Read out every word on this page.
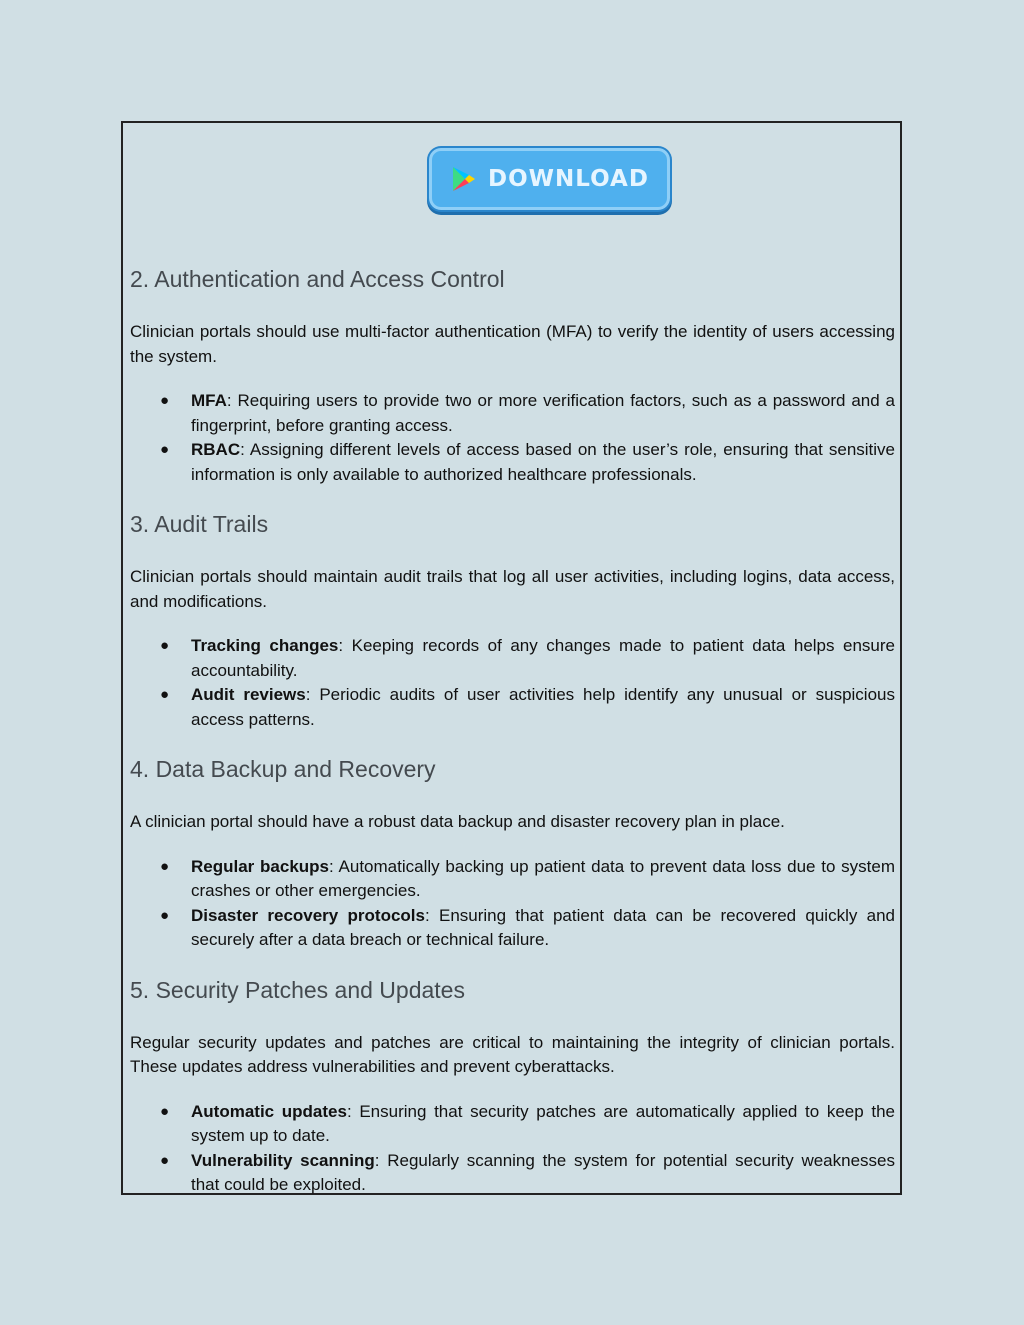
DOWNLOAD
2. Authentication and Access Control

Clinician portals should use multi-factor authentication (MFA) to verify the identity of users accessing the system.

● MFA: Requiring users to provide two or more verification factors, such as a password and a fingerprint, before granting access.
● RBAC: Assigning different levels of access based on the user’s role, ensuring that sensitive information is only available to authorized healthcare professionals.
3. Audit Trails

Clinician portals should maintain audit trails that log all user activities, including logins, data access, and modifications.

● Tracking changes: Keeping records of any changes made to patient data helps ensure accountability.
● Audit reviews: Periodic audits of user activities help identify any unusual or suspicious access patterns.
4. Data Backup and Recovery

A clinician portal should have a robust data backup and disaster recovery plan in place.

● Regular backups: Automatically backing up patient data to prevent data loss due to system crashes or other emergencies.
● Disaster recovery protocols: Ensuring that patient data can be recovered quickly and securely after a data breach or technical failure.
5. Security Patches and Updates

Regular security updates and patches are critical to maintaining the integrity of clinician portals. These updates address vulnerabilities and prevent cyberattacks.

● Automatic updates: Ensuring that security patches are automatically applied to keep the system up to date.
● Vulnerability scanning: Regularly scanning the system for potential security weaknesses that could be exploited.
